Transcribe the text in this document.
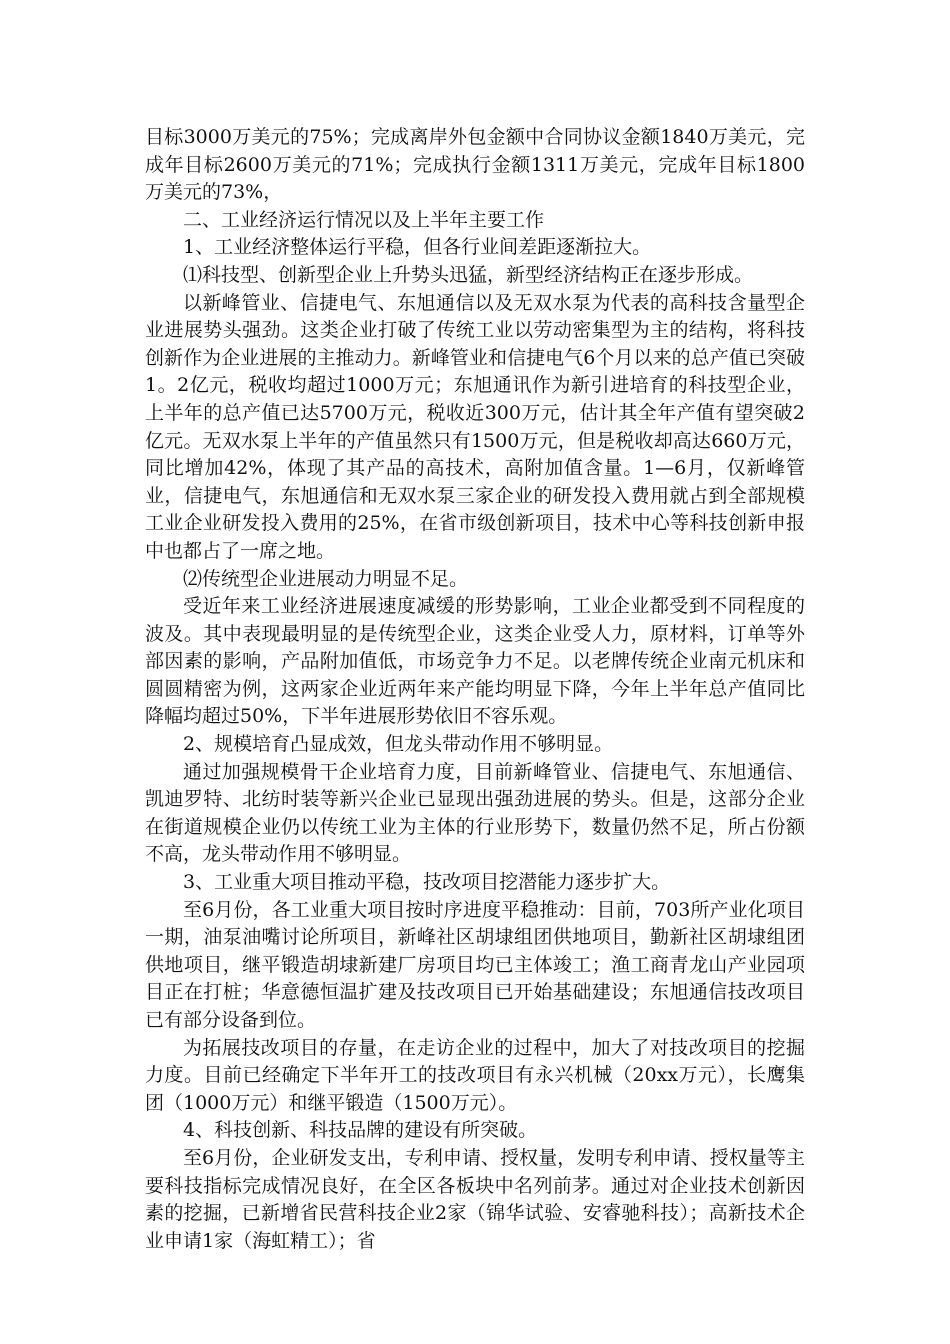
目标3000万美元的75%；完成离岸外包金额中合同协议金额1840万美元，完成年目标2600万美元的71%；完成执行金额1311万美元，完成年目标1800万美元的73%，

二、工业经济运行情况以及上半年主要工作

1、工业经济整体运行平稳，但各行业间差距逐渐拉大。

⑴科技型、创新型企业上升势头迅猛，新型经济结构正在逐步形成。

以新峰管业、信捷电气、东旭通信以及无双水泵为代表的高科技含量型企业进展势头强劲。这类企业打破了传统工业以劳动密集型为主的结构，将科技创新作为企业进展的主推动力。新峰管业和信捷电气6个月以来的总产值已突破1。2亿元，税收均超过1000万元；东旭通讯作为新引进培育的科技型企业，上半年的总产值已达5700万元，税收近300万元，估计其全年产值有望突破2亿元。无双水泵上半年的产值虽然只有1500万元，但是税收却高达660万元，同比增加42%，体现了其产品的高技术，高附加值含量。1—6月，仅新峰管业，信捷电气，东旭通信和无双水泵三家企业的研发投入费用就占到全部规模工业企业研发投入费用的25%，在省市级创新项目，技术中心等科技创新申报中也都占了一席之地。

⑵传统型企业进展动力明显不足。

受近年来工业经济进展速度减缓的形势影响，工业企业都受到不同程度的波及。其中表现最明显的是传统型企业，这类企业受人力，原材料，订单等外部因素的影响，产品附加值低，市场竞争力不足。以老牌传统企业南元机床和圆圆精密为例，这两家企业近两年来产能均明显下降，今年上半年总产值同比降幅均超过50%，下半年进展形势依旧不容乐观。

2、规模培育凸显成效，但龙头带动作用不够明显。

通过加强规模骨干企业培育力度，目前新峰管业、信捷电气、东旭通信、凯迪罗特、北纺时装等新兴企业已显现出强劲进展的势头。但是，这部分企业在街道规模企业仍以传统工业为主体的行业形势下，数量仍然不足，所占份额不高，龙头带动作用不够明显。

3、工业重大项目推动平稳，技改项目挖潜能力逐步扩大。

至6月份，各工业重大项目按时序进度平稳推动：目前，703所产业化项目一期，油泵油嘴讨论所项目，新峰社区胡埭组团供地项目，勤新社区胡埭组团供地项目，继平锻造胡埭新建厂房项目均已主体竣工；渔工商青龙山产业园项目正在打桩；华意德恒温扩建及技改项目已开始基础建设；东旭通信技改项目已有部分设备到位。

为拓展技改项目的存量，在走访企业的过程中，加大了对技改项目的挖掘力度。目前已经确定下半年开工的技改项目有永兴机械（20xx万元），长鹰集团（1000万元）和继平锻造（1500万元）。

4、科技创新、科技品牌的建设有所突破。

至6月份，企业研发支出，专利申请、授权量，发明专利申请、授权量等主要科技指标完成情况良好，在全区各板块中名列前茅。通过对企业技术创新因素的挖掘，已新增省民营科技企业2家（锦华试验、安睿驰科技）；高新技术企业申请1家（海虹精工）；省
